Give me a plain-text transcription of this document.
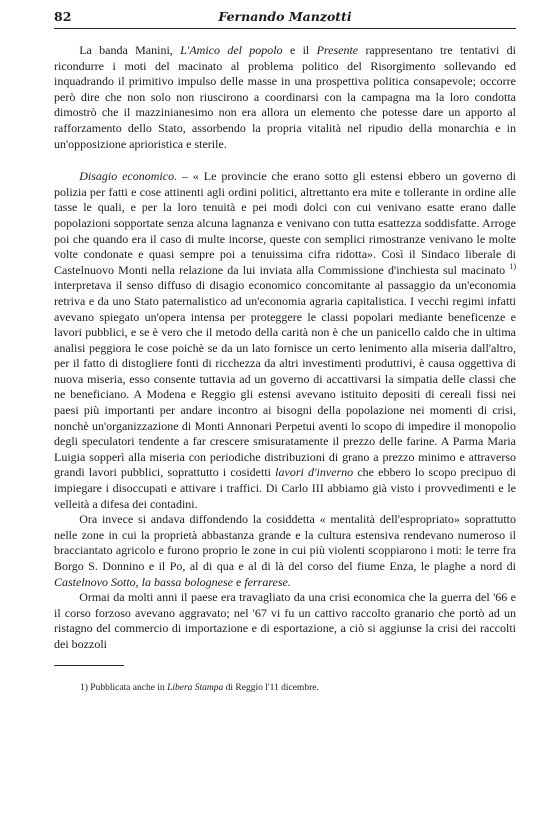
82	Fernando Manzotti

La banda Manini, L'Amico del popolo e il Presente rappresentano tre tentativi di ricondurre i moti del macinato al problema politico del Risorgimento sollevando ed inquadrando il primitivo impulso delle masse in una prospettiva politica consapevole; occorre però dire che non solo non riuscirono a coordinarsi con la campagna ma la loro condotta dimostrò che il mazzinianesimo non era allora un elemento che potesse dare un apporto al rafforzamento dello Stato, assorbendo la propria vitalità nel ripudio della monarchia e in un'opposizione aprioristica e sterile.

Disagio economico. – « Le provincie che erano sotto gli estensi ebbero un governo di polizia per fatti e cose attinenti agli ordini politici, altrettanto era mite e tollerante in ordine alle tasse le quali, e per la loro tenuità e pei modi dolci con cui venivano esatte erano dalle popolazioni sopportate senza alcuna lagnanza e venivano con tutta esattezza soddisfatte. Arroge poi che quando era il caso di multe incorse, queste con semplici rimostranze venivano le molte volte condonate e quasi sempre poi a tenuissima cifra ridotta». Così il Sindaco liberale di Castelnuovo Monti nella relazione da lui inviata alla Commissione d'inchiesta sul macinato $^{1)}$ interpretava il senso diffuso di disagio economico concomitante al passaggio da un'economia retriva e da uno Stato paternalistico ad un'economia agraria capitalistica. I vecchi regimi infatti avevano spiegato un'opera intensa per proteggere le classi popolari mediante beneficenze e lavori pubblici, e se è vero che il metodo della carità non è che un panicello caldo che in ultima analisi peggiora le cose poichè se da un lato fornisce un certo lenimento alla miseria dall'altro, per il fatto di distogliere fonti di ricchezza da altri investimenti produttivi, è causa oggettiva di nuova miseria, esso consente tuttavia ad un governo di accattivarsi la simpatia delle classi che ne beneficiano. A Modena e Reggio gli estensi avevano istituito depositi di cereali fissi nei paesi più importanti per andare incontro ai bisogni della popolazione nei momenti di crisi, nonchè un'organizzazione di Monti Annonari Perpetui aventi lo scopo di impedire il monopolio degli speculatori tendente a far crescere smisuratamente il prezzo delle farine. A Parma Maria Luigia sopperì alla miseria con periodiche distribuzioni di grano a prezzo minimo e attraverso grandi lavori pubblici, soprattutto i cosidetti lavori d'inverno che ebbero lo scopo precipuo di impiegare i disoccupati e attivare i traffici. Di Carlo III abbiamo già visto i provvedimenti e le velleità a difesa dei contadini.

Ora invece si andava diffondendo la cosiddetta « mentalità dell'espropriato» soprattutto nelle zone in cui la proprietà abbastanza grande e la cultura estensiva rendevano numeroso il bracciantato agricolo e furono proprio le zone in cui più violenti scoppiarono i moti: le terre fra Borgo S. Donnino e il Po, al di qua e al di là del corso del fiume Enza, le plaghe a nord di Castelnovo Sotto, la bassa bolognese e ferrarese.

Ormai da molti anni il paese era travagliato da una crisi economica che la guerra del '66 e il corso forzoso avevano aggravato; nel '67 vi fu un cattivo raccolto granario che portò ad un ristagno del commercio di importazione e di esportazione, a ciò si aggiunse la crisi dei raccolti dei bozzoli

1) Pubblicata anche in Libera Stampa di Reggio l'11 dicembre.
